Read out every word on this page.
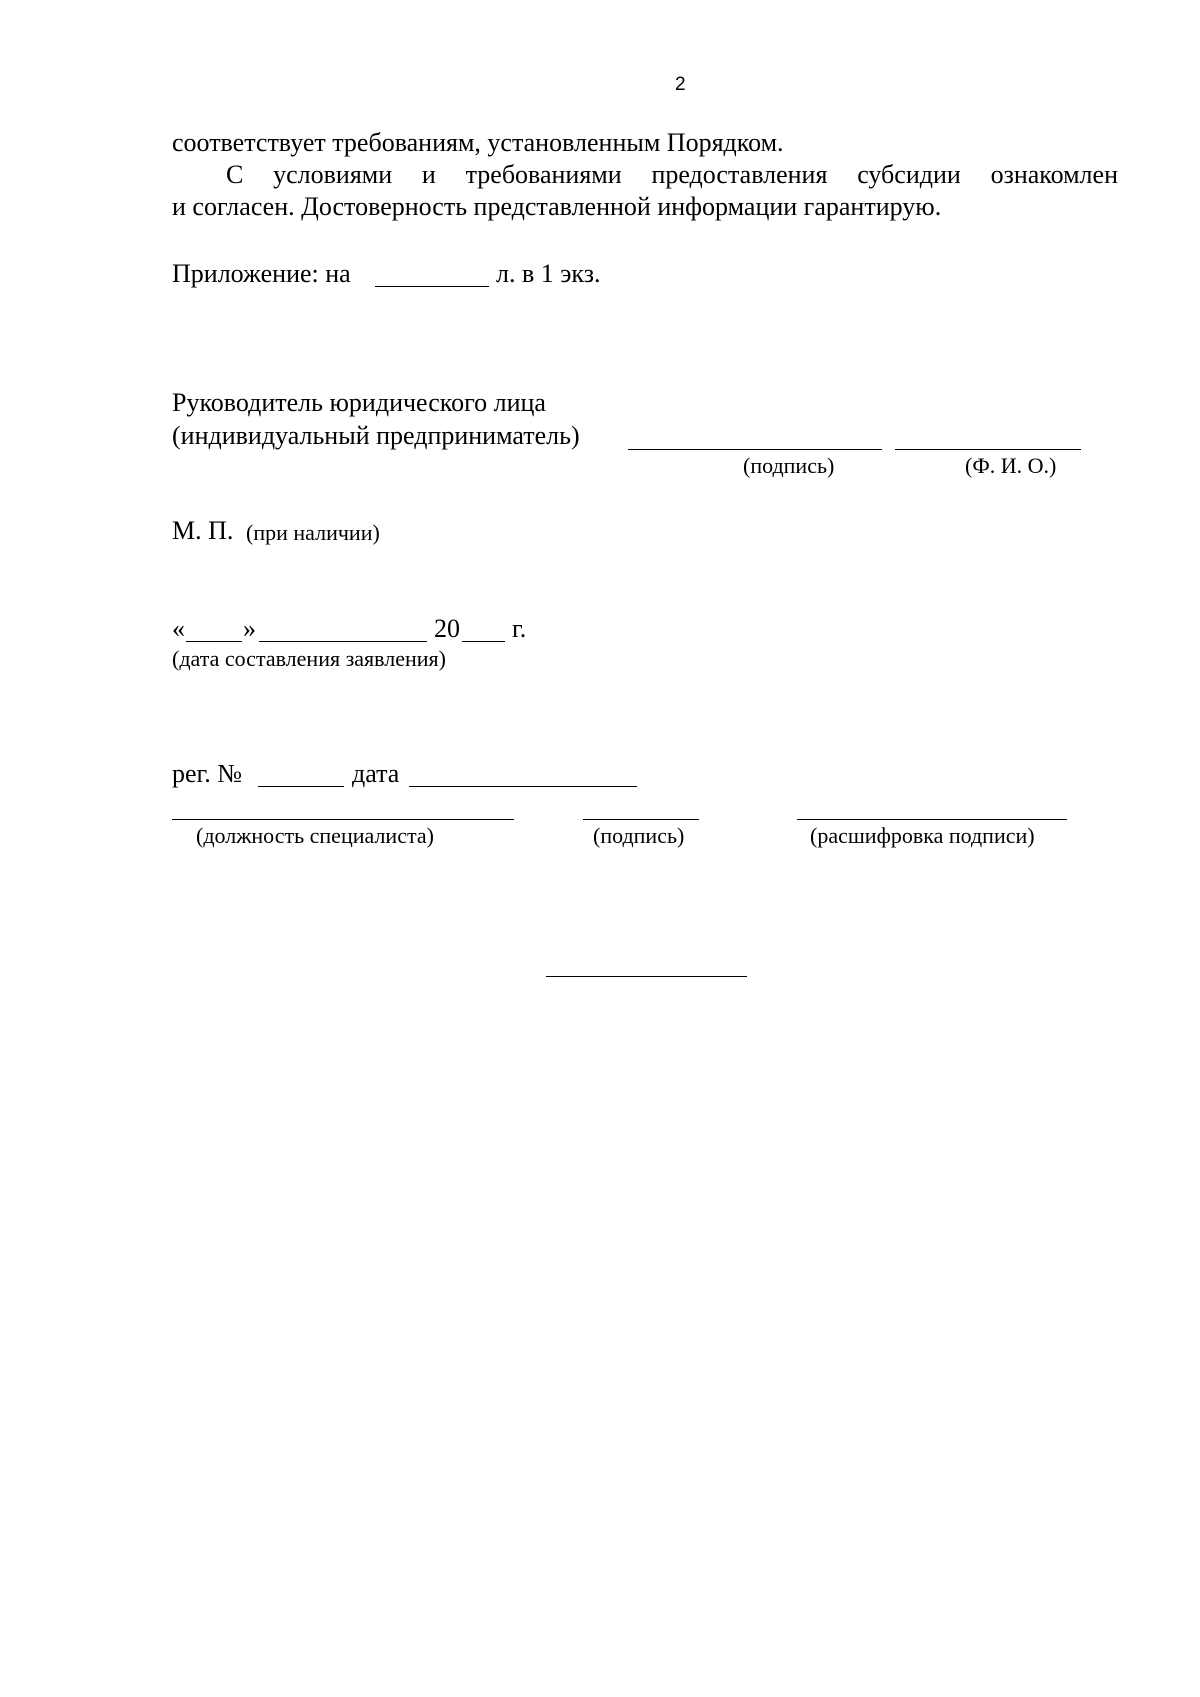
2
соответствует требованиям, установленным Порядком.
С условиями и требованиями предоставления субсидии ознакомлен
и согласен. Достоверность представленной информации гарантирую.
Приложение: на	л. в 1 экз.
Руководитель юридического лица
(индивидуальный предприниматель)
(подпись)	(Ф. И. О.)
М. П. (при наличии)
« »	20 г.
(дата составления заявления)
рег. №	дата
(должность специалиста)	(подпись)	(расшифровка подписи)
